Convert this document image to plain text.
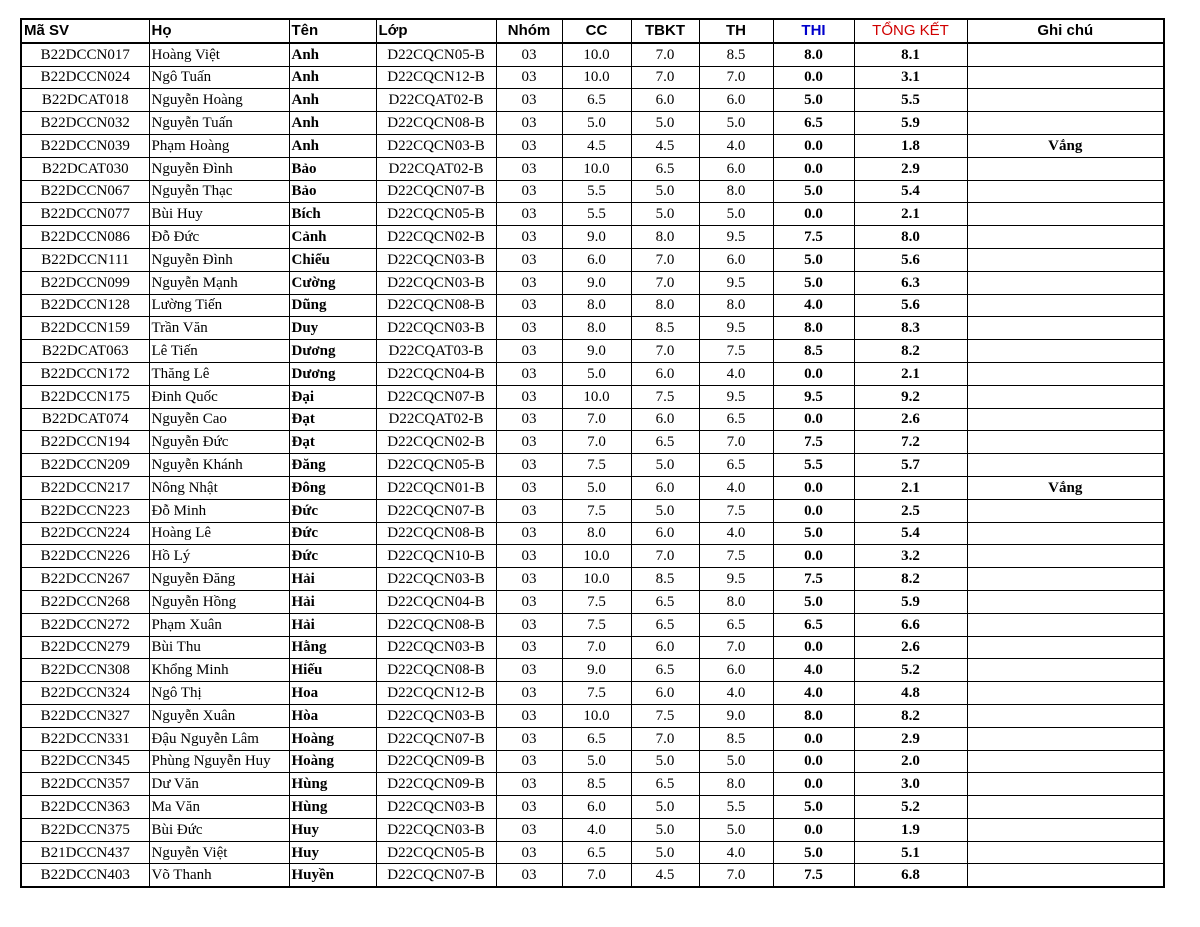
Mã SV	Họ	Tên	Lớp	Nhóm	CC	TBKT	TH	THI	TỔNG KẾT	Ghi chú
B22DCCN017	Hoàng Việt	Anh	D22CQCN05-B	03	10.0	7.0	8.5	8.0	8.1	
B22DCCN024	Ngô Tuấn	Anh	D22CQCN12-B	03	10.0	7.0	7.0	0.0	3.1	
B22DCAT018	Nguyễn Hoàng	Anh	D22CQAT02-B	03	6.5	6.0	6.0	5.0	5.5	
B22DCCN032	Nguyễn Tuấn	Anh	D22CQCN08-B	03	5.0	5.0	5.0	6.5	5.9	
B22DCCN039	Phạm Hoàng	Anh	D22CQCN03-B	03	4.5	4.5	4.0	0.0	1.8	Vắng
B22DCAT030	Nguyễn Đình	Bảo	D22CQAT02-B	03	10.0	6.5	6.0	0.0	2.9	
B22DCCN067	Nguyễn Thạc	Bảo	D22CQCN07-B	03	5.5	5.0	8.0	5.0	5.4	
B22DCCN077	Bùi Huy	Bích	D22CQCN05-B	03	5.5	5.0	5.0	0.0	2.1	
B22DCCN086	Đỗ Đức	Cảnh	D22CQCN02-B	03	9.0	8.0	9.5	7.5	8.0	
B22DCCN111	Nguyễn Đình	Chiểu	D22CQCN03-B	03	6.0	7.0	6.0	5.0	5.6	
B22DCCN099	Nguyễn Mạnh	Cường	D22CQCN03-B	03	9.0	7.0	9.5	5.0	6.3	
B22DCCN128	Lường Tiến	Dũng	D22CQCN08-B	03	8.0	8.0	8.0	4.0	5.6	
B22DCCN159	Trần Văn	Duy	D22CQCN03-B	03	8.0	8.5	9.5	8.0	8.3	
B22DCAT063	Lê Tiến	Dương	D22CQAT03-B	03	9.0	7.0	7.5	8.5	8.2	
B22DCCN172	Thăng Lê	Dương	D22CQCN04-B	03	5.0	6.0	4.0	0.0	2.1	
B22DCCN175	Đinh Quốc	Đại	D22CQCN07-B	03	10.0	7.5	9.5	9.5	9.2	
B22DCAT074	Nguyễn Cao	Đạt	D22CQAT02-B	03	7.0	6.0	6.5	0.0	2.6	
B22DCCN194	Nguyễn Đức	Đạt	D22CQCN02-B	03	7.0	6.5	7.0	7.5	7.2	
B22DCCN209	Nguyễn Khánh	Đăng	D22CQCN05-B	03	7.5	5.0	6.5	5.5	5.7	
B22DCCN217	Nông Nhật	Đông	D22CQCN01-B	03	5.0	6.0	4.0	0.0	2.1	Vắng
B22DCCN223	Đỗ Minh	Đức	D22CQCN07-B	03	7.5	5.0	7.5	0.0	2.5	
B22DCCN224	Hoàng Lê	Đức	D22CQCN08-B	03	8.0	6.0	4.0	5.0	5.4	
B22DCCN226	Hồ Lý	Đức	D22CQCN10-B	03	10.0	7.0	7.5	0.0	3.2	
B22DCCN267	Nguyễn Đăng	Hải	D22CQCN03-B	03	10.0	8.5	9.5	7.5	8.2	
B22DCCN268	Nguyễn Hồng	Hải	D22CQCN04-B	03	7.5	6.5	8.0	5.0	5.9	
B22DCCN272	Phạm Xuân	Hải	D22CQCN08-B	03	7.5	6.5	6.5	6.5	6.6	
B22DCCN279	Bùi Thu	Hằng	D22CQCN03-B	03	7.0	6.0	7.0	0.0	2.6	
B22DCCN308	Khổng Minh	Hiếu	D22CQCN08-B	03	9.0	6.5	6.0	4.0	5.2	
B22DCCN324	Ngô Thị	Hoa	D22CQCN12-B	03	7.5	6.0	4.0	4.0	4.8	
B22DCCN327	Nguyễn Xuân	Hòa	D22CQCN03-B	03	10.0	7.5	9.0	8.0	8.2	
B22DCCN331	Đậu Nguyễn Lâm	Hoàng	D22CQCN07-B	03	6.5	7.0	8.5	0.0	2.9	
B22DCCN345	Phùng Nguyễn Huy	Hoàng	D22CQCN09-B	03	5.0	5.0	5.0	0.0	2.0	
B22DCCN357	Dư Văn	Hùng	D22CQCN09-B	03	8.5	6.5	8.0	0.0	3.0	
B22DCCN363	Ma Văn	Hùng	D22CQCN03-B	03	6.0	5.0	5.5	5.0	5.2	
B22DCCN375	Bùi Đức	Huy	D22CQCN03-B	03	4.0	5.0	5.0	0.0	1.9	
B21DCCN437	Nguyễn Việt	Huy	D22CQCN05-B	03	6.5	5.0	4.0	5.0	5.1	
B22DCCN403	Võ Thanh	Huyền	D22CQCN07-B	03	7.0	4.5	7.0	7.5	6.8	
